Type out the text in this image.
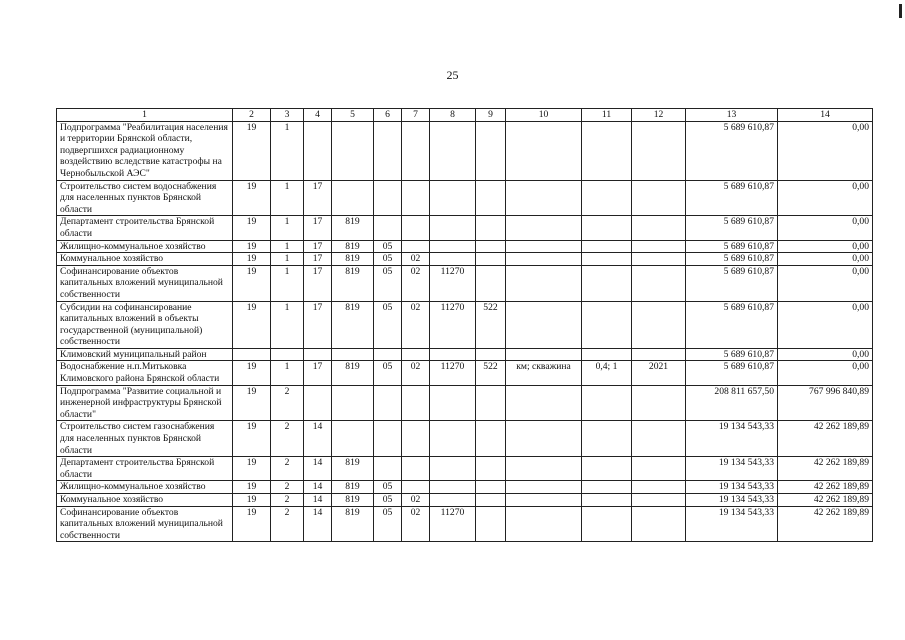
25
1	2	3	4	5	6	7	8	9	10	11	12	13	14
Подпрограмма "Реабилитация населения и территории Брянской области, подвергшихся радиационному воздействию вследствие катастрофы на Чернобыльской АЭС"	19	1										5 689 610,87	0,00
Строительство систем водоснабжения для населенных пунктов Брянской области	19	1	17									5 689 610,87	0,00
Департамент строительства Брянской области	19	1	17	819								5 689 610,87	0,00
Жилищно-коммунальное хозяйство	19	1	17	819	05							5 689 610,87	0,00
Коммунальное хозяйство	19	1	17	819	05	02						5 689 610,87	0,00
Софинансирование объектов капитальных вложений муниципальной собственности	19	1	17	819	05	02	11270					5 689 610,87	0,00
Субсидии на софинансирование капитальных вложений в объекты государственной (муниципальной) собственности	19	1	17	819	05	02	11270	522				5 689 610,87	0,00
Климовский муниципальный район												5 689 610,87	0,00
Водоснабжение н.п.Митьковка Климовского района Брянской области	19	1	17	819	05	02	11270	522	км; скважина	0,4; 1	2021	5 689 610,87	0,00
Подпрограмма "Развитие социальной и инженерной инфраструктуры Брянской области"	19	2										208 811 657,50	767 996 840,89
Строительство систем газоснабжения для населенных пунктов Брянской области	19	2	14									19 134 543,33	42 262 189,89
Департамент строительства Брянской области	19	2	14	819								19 134 543,33	42 262 189,89
Жилищно-коммунальное хозяйство	19	2	14	819	05							19 134 543,33	42 262 189,89
Коммунальное хозяйство	19	2	14	819	05	02						19 134 543,33	42 262 189,89
Софинансирование объектов капитальных вложений муниципальной собственности	19	2	14	819	05	02	11270					19 134 543,33	42 262 189,89
